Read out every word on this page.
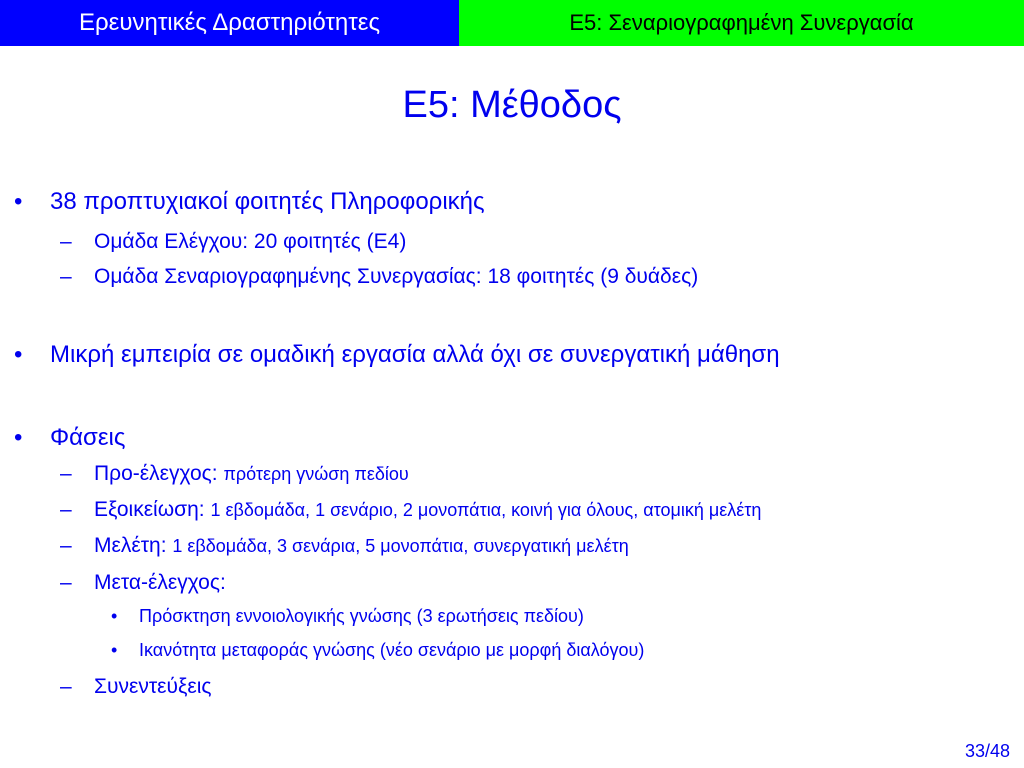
Ερευνητικές Δραστηριότητες	Ε5: Σεναριογραφημένη Συνεργασία
Ε5: Μέθοδος
• 38 προπτυχιακοί φοιτητές Πληροφορικής
– Ομάδα Ελέγχου: 20 φοιτητές (Ε4)
– Ομάδα Σεναριογραφημένης Συνεργασίας: 18 φοιτητές (9 δυάδες)
• Μικρή εμπειρία σε ομαδική εργασία αλλά όχι σε συνεργατική μάθηση
• Φάσεις
– Προ-έλεγχος: πρότερη γνώση πεδίου
– Εξοικείωση: 1 εβδομάδα, 1 σενάριο, 2 μονοπάτια, κοινή για όλους, ατομική μελέτη
– Μελέτη: 1 εβδομάδα, 3 σενάρια, 5 μονοπάτια, συνεργατική μελέτη
– Μετα-έλεγχος:
• Πρόσκτηση εννοιολογικής γνώσης (3 ερωτήσεις πεδίου)
• Ικανότητα μεταφοράς γνώσης (νέο σενάριο με μορφή διαλόγου)
– Συνεντεύξεις
33/48
